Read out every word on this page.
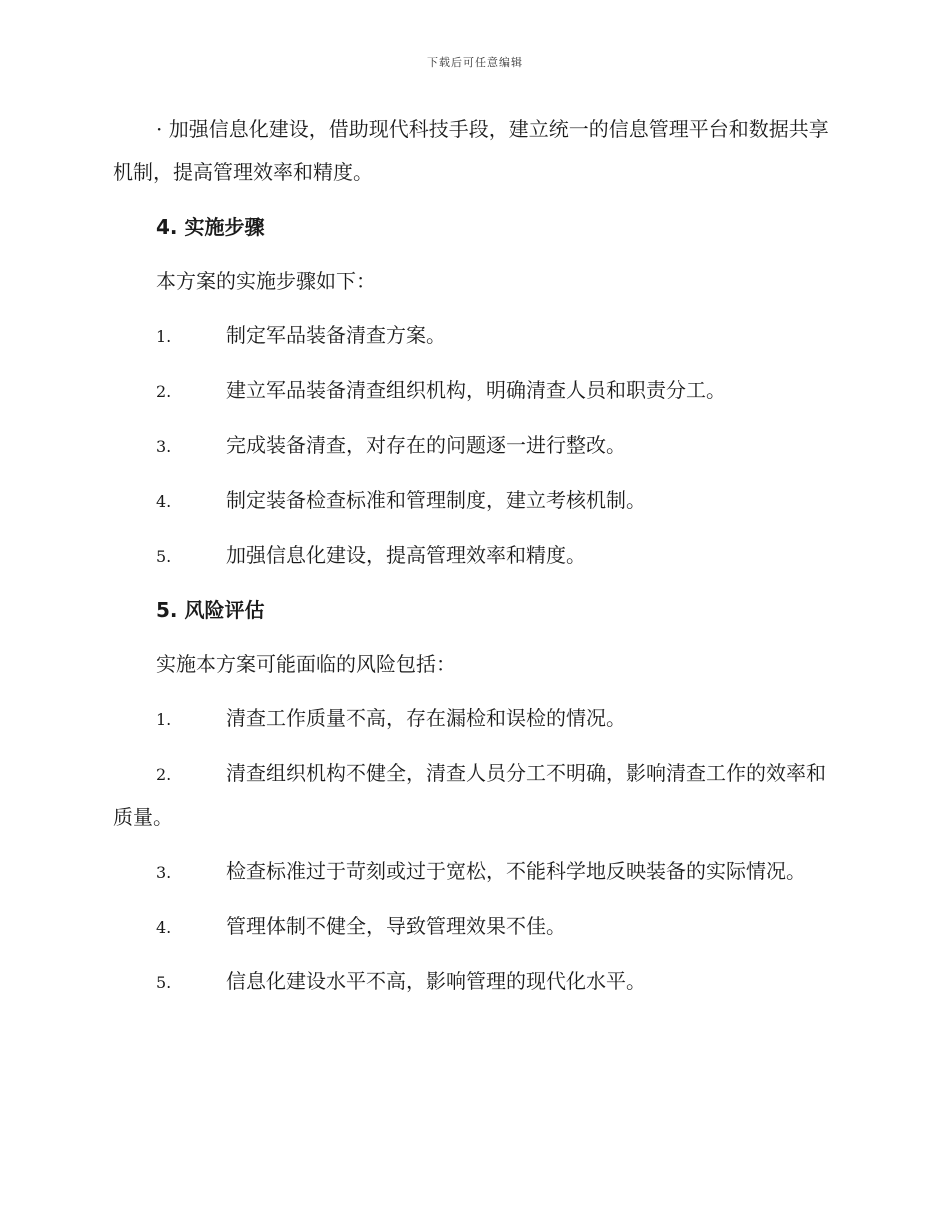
下载后可任意编辑

· 加强信息化建设，借助现代科技手段，建立统一的信息管理平台和数据共享机制，提高管理效率和精度。

4. 实施步骤

本方案的实施步骤如下：

1.	制定军品装备清查方案。

2.	建立军品装备清查组织机构，明确清查人员和职责分工。

3.	完成装备清查，对存在的问题逐一进行整改。

4.	制定装备检查标准和管理制度，建立考核机制。

5.	加强信息化建设，提高管理效率和精度。

5. 风险评估

实施本方案可能面临的风险包括：

1.	清查工作质量不高，存在漏检和误检的情况。

2.	清查组织机构不健全，清查人员分工不明确，影响清查工作的效率和质量。

3.	检查标准过于苛刻或过于宽松，不能科学地反映装备的实际情况。

4.	管理体制不健全，导致管理效果不佳。

5.	信息化建设水平不高，影响管理的现代化水平。
